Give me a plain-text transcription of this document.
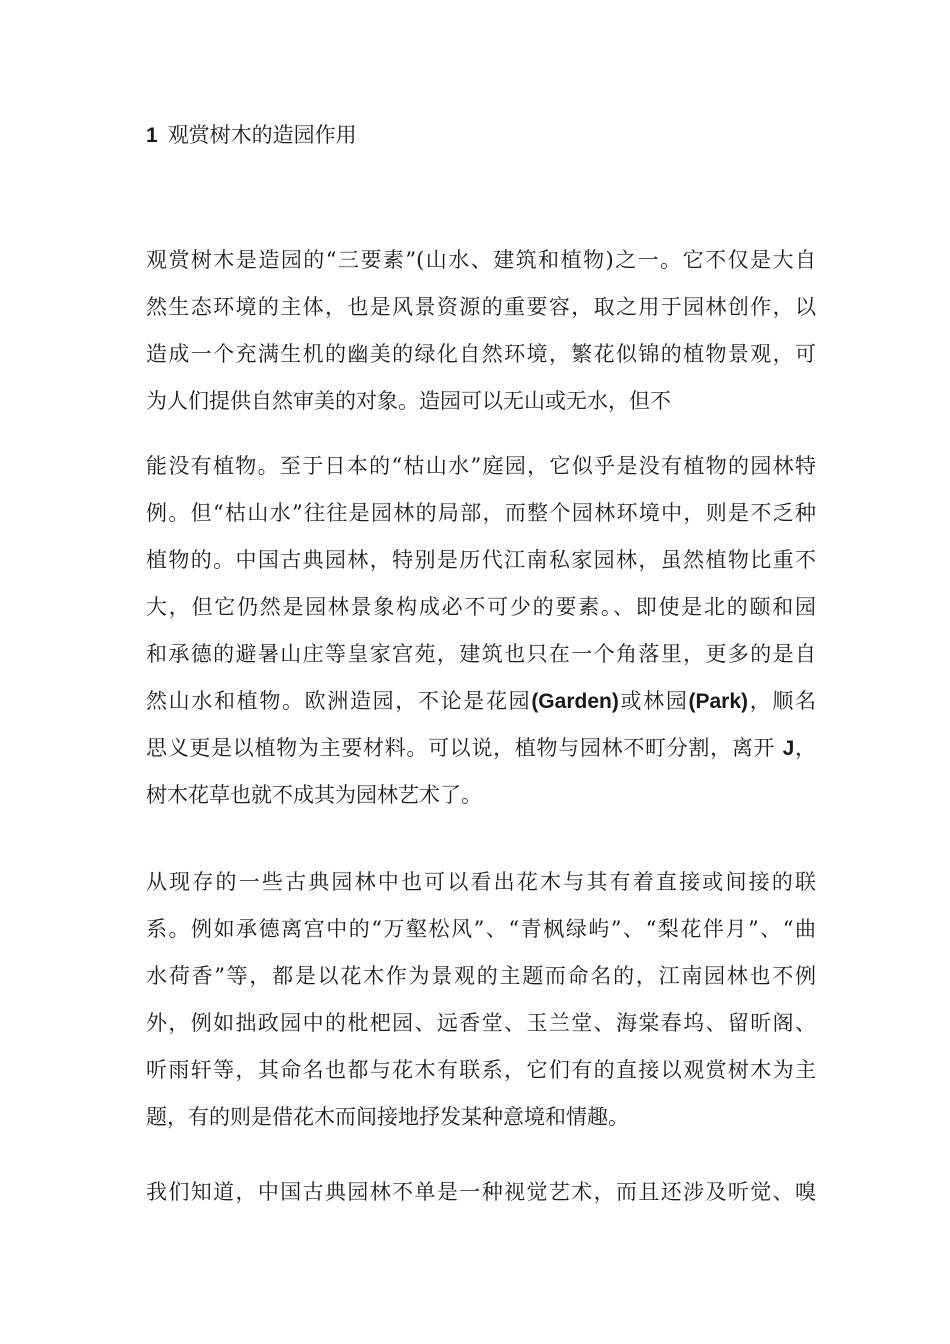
1 观赏树木的造园作用
观赏树木是造园的“三要素”(山水、建筑和植物)之一。它不仅是大自
然生态环境的主体，也是风景资源的重要容，取之用于园林创作，以
造成一个充满生机的幽美的绿化自然环境，繁花似锦的植物景观，可
为人们提供自然审美的对象。造园可以无山或无水，但不
能没有植物。至于日本的“枯山水”庭园，它似乎是没有植物的园林特
例。但“枯山水”往往是园林的局部，而整个园林环境中，则是不乏种
植物的。中国古典园林，特别是历代江南私家园林，虽然植物比重不
大，但它仍然是园林景象构成必不可少的要素。、即使是北的颐和园
和承德的避暑山庄等皇家宫苑，建筑也只在一个角落里，更多的是自
然山水和植物。欧洲造园，不论是花园(Garden)或林园(Park)，顺名
思义更是以植物为主要材料。可以说，植物与园林不町分割，离开 J，
树木花草也就不成其为园林艺术了。
从现存的一些古典园林中也可以看出花木与其有着直接或间接的联
系。例如承德离宫中的“万壑松风”、“青枫绿屿”、“梨花伴月”、“曲
水荷香”等，都是以花木作为景观的主题而命名的，江南园林也不例
外，例如拙政园中的枇杷园、远香堂、玉兰堂、海棠春坞、留昕阁、
听雨轩等，其命名也都与花木有联系，它们有的直接以观赏树木为主
题，有的则是借花木而间接地抒发某种意境和情趣。
我们知道，中国古典园林不单是一种视觉艺术，而且还涉及听觉、嗅
